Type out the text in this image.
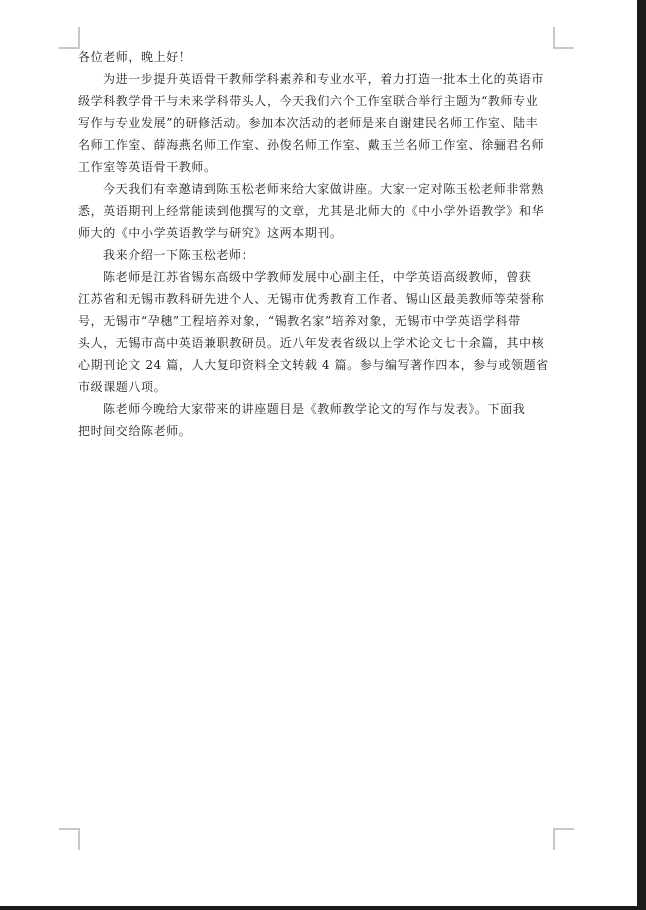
各位老师，晚上好！
为进一步提升英语骨干教师学科素养和专业水平，着力打造一批本土化的英语市
级学科教学骨干与未来学科带头人，今天我们六个工作室联合举行主题为“教师专业
写作与专业发展”的研修活动。参加本次活动的老师是来自谢建民名师工作室、陆丰
名师工作室、薛海燕名师工作室、孙俊名师工作室、戴玉兰名师工作室、徐骊君名师
工作室等英语骨干教师。
今天我们有幸邀请到陈玉松老师来给大家做讲座。大家一定对陈玉松老师非常熟
悉，英语期刊上经常能读到他撰写的文章，尤其是北师大的《中小学外语教学》和华
师大的《中小学英语教学与研究》这两本期刊。
我来介绍一下陈玉松老师：
陈老师是江苏省锡东高级中学教师发展中心副主任，中学英语高级教师，曾获
江苏省和无锡市教科研先进个人、无锡市优秀教育工作者、锡山区最美教师等荣誉称
号，无锡市“孕穗”工程培养对象，“锡教名家”培养对象，无锡市中学英语学科带
头人，无锡市高中英语兼职教研员。近八年发表省级以上学术论文七十余篇，其中核
心期刊论文 24 篇，人大复印资料全文转载 4 篇。参与编写著作四本，参与或领题省
市级课题八项。
陈老师今晚给大家带来的讲座题目是《教师教学论文的写作与发表》。下面我
把时间交给陈老师。
